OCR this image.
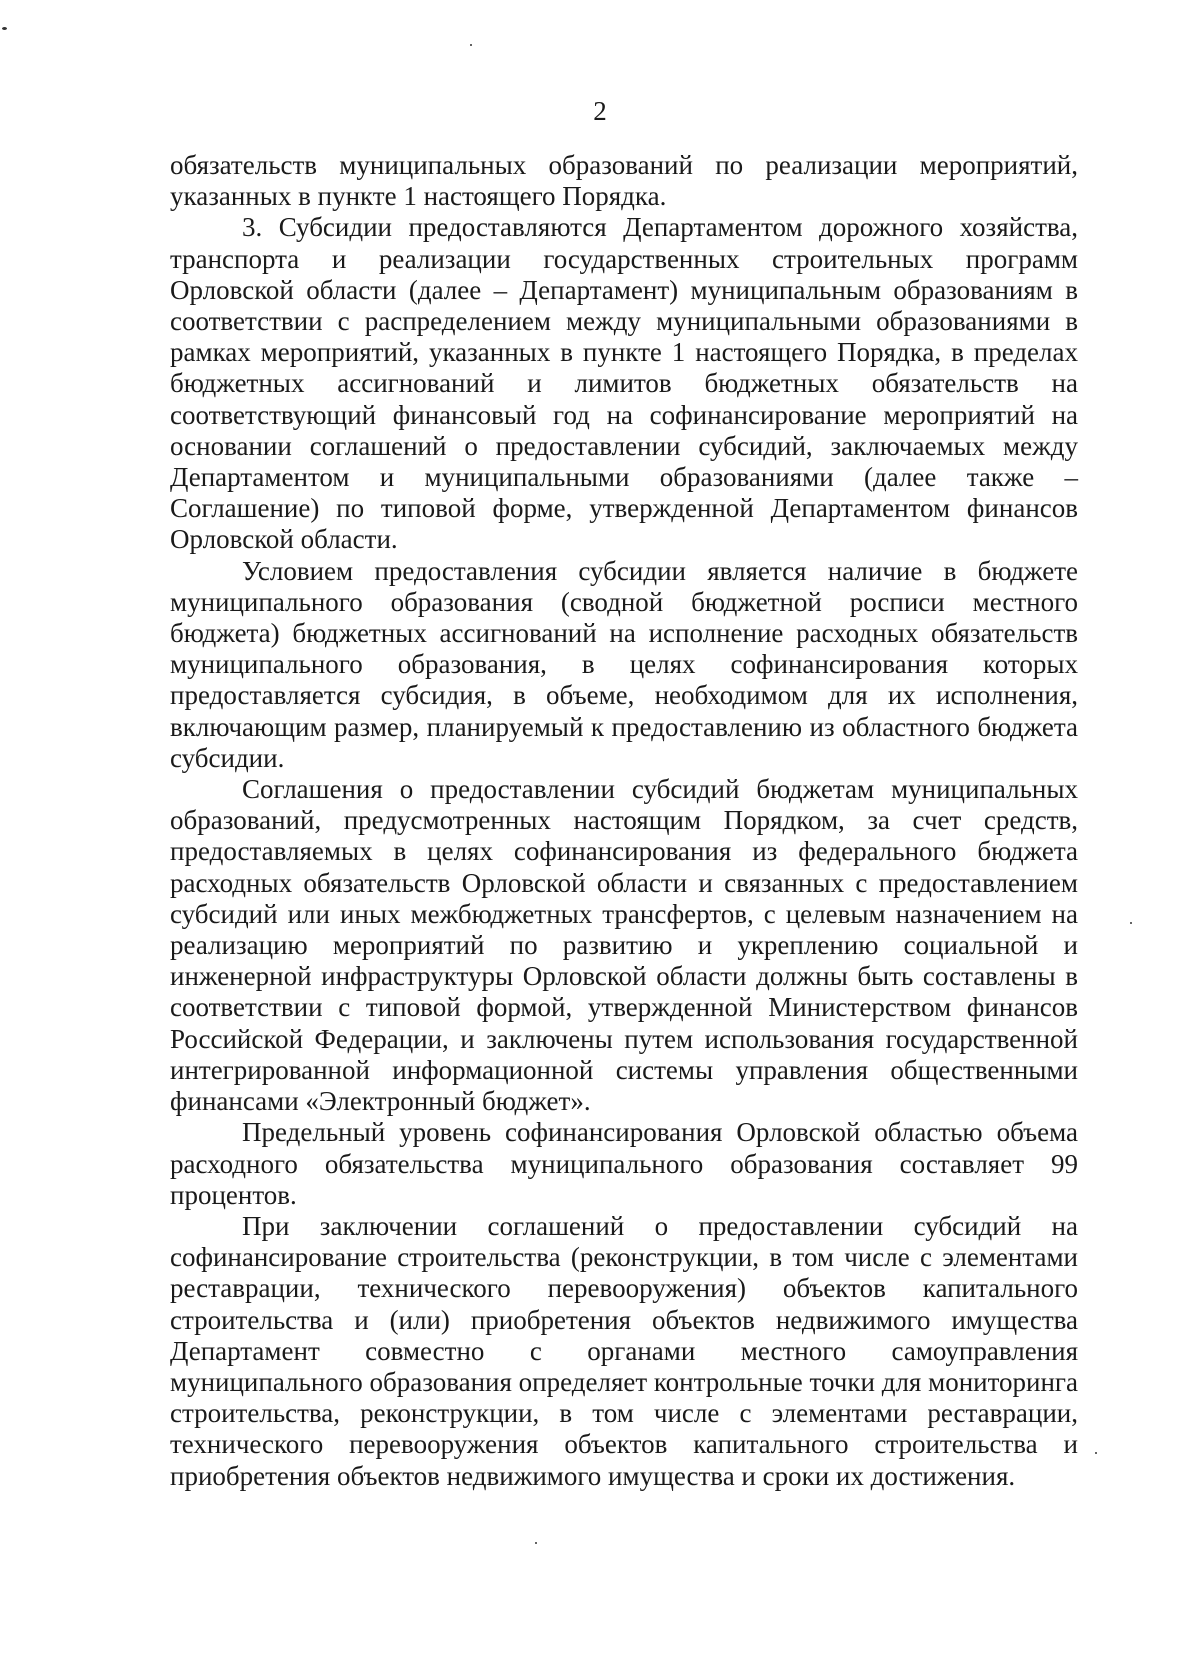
2

обязательств муниципальных образований по реализации мероприятий, указанных в пункте 1 настоящего Порядка.

3. Субсидии предоставляются Департаментом дорожного хозяйства, транспорта и реализации государственных строительных программ Орловской области (далее – Департамент) муниципальным образованиям в соответствии с распределением между муниципальными образованиями в рамках мероприятий, указанных в пункте 1 настоящего Порядка, в пределах бюджетных ассигнований и лимитов бюджетных обязательств на соответствующий финансовый год на софинансирование мероприятий на основании соглашений о предоставлении субсидий, заключаемых между Департаментом и муниципальными образованиями (далее также – Соглашение) по типовой форме, утвержденной Департаментом финансов Орловской области.

Условием предоставления субсидии является наличие в бюджете муниципального образования (сводной бюджетной росписи местного бюджета) бюджетных ассигнований на исполнение расходных обязательств муниципального образования, в целях софинансирования которых предоставляется субсидия, в объеме, необходимом для их исполнения, включающим размер, планируемый к предоставлению из областного бюджета субсидии.

Соглашения о предоставлении субсидий бюджетам муниципальных образований, предусмотренных настоящим Порядком, за счет средств, предоставляемых в целях софинансирования из федерального бюджета расходных обязательств Орловской области и связанных с предоставлением субсидий или иных межбюджетных трансфертов, с целевым назначением на реализацию мероприятий по развитию и укреплению социальной и инженерной инфраструктуры Орловской области должны быть составлены в соответствии с типовой формой, утвержденной Министерством финансов Российской Федерации, и заключены путем использования государственной интегрированной информационной системы управления общественными финансами «Электронный бюджет».

Предельный уровень софинансирования Орловской областью объема расходного обязательства муниципального образования составляет 99 процентов.

При заключении соглашений о предоставлении субсидий на софинансирование строительства (реконструкции, в том числе с элементами реставрации, технического перевооружения) объектов капитального строительства и (или) приобретения объектов недвижимого имущества Департамент совместно с органами местного самоуправления муниципального образования определяет контрольные точки для мониторинга строительства, реконструкции, в том числе с элементами реставрации, технического перевооружения объектов капитального строительства и приобретения объектов недвижимого имущества и сроки их достижения.
